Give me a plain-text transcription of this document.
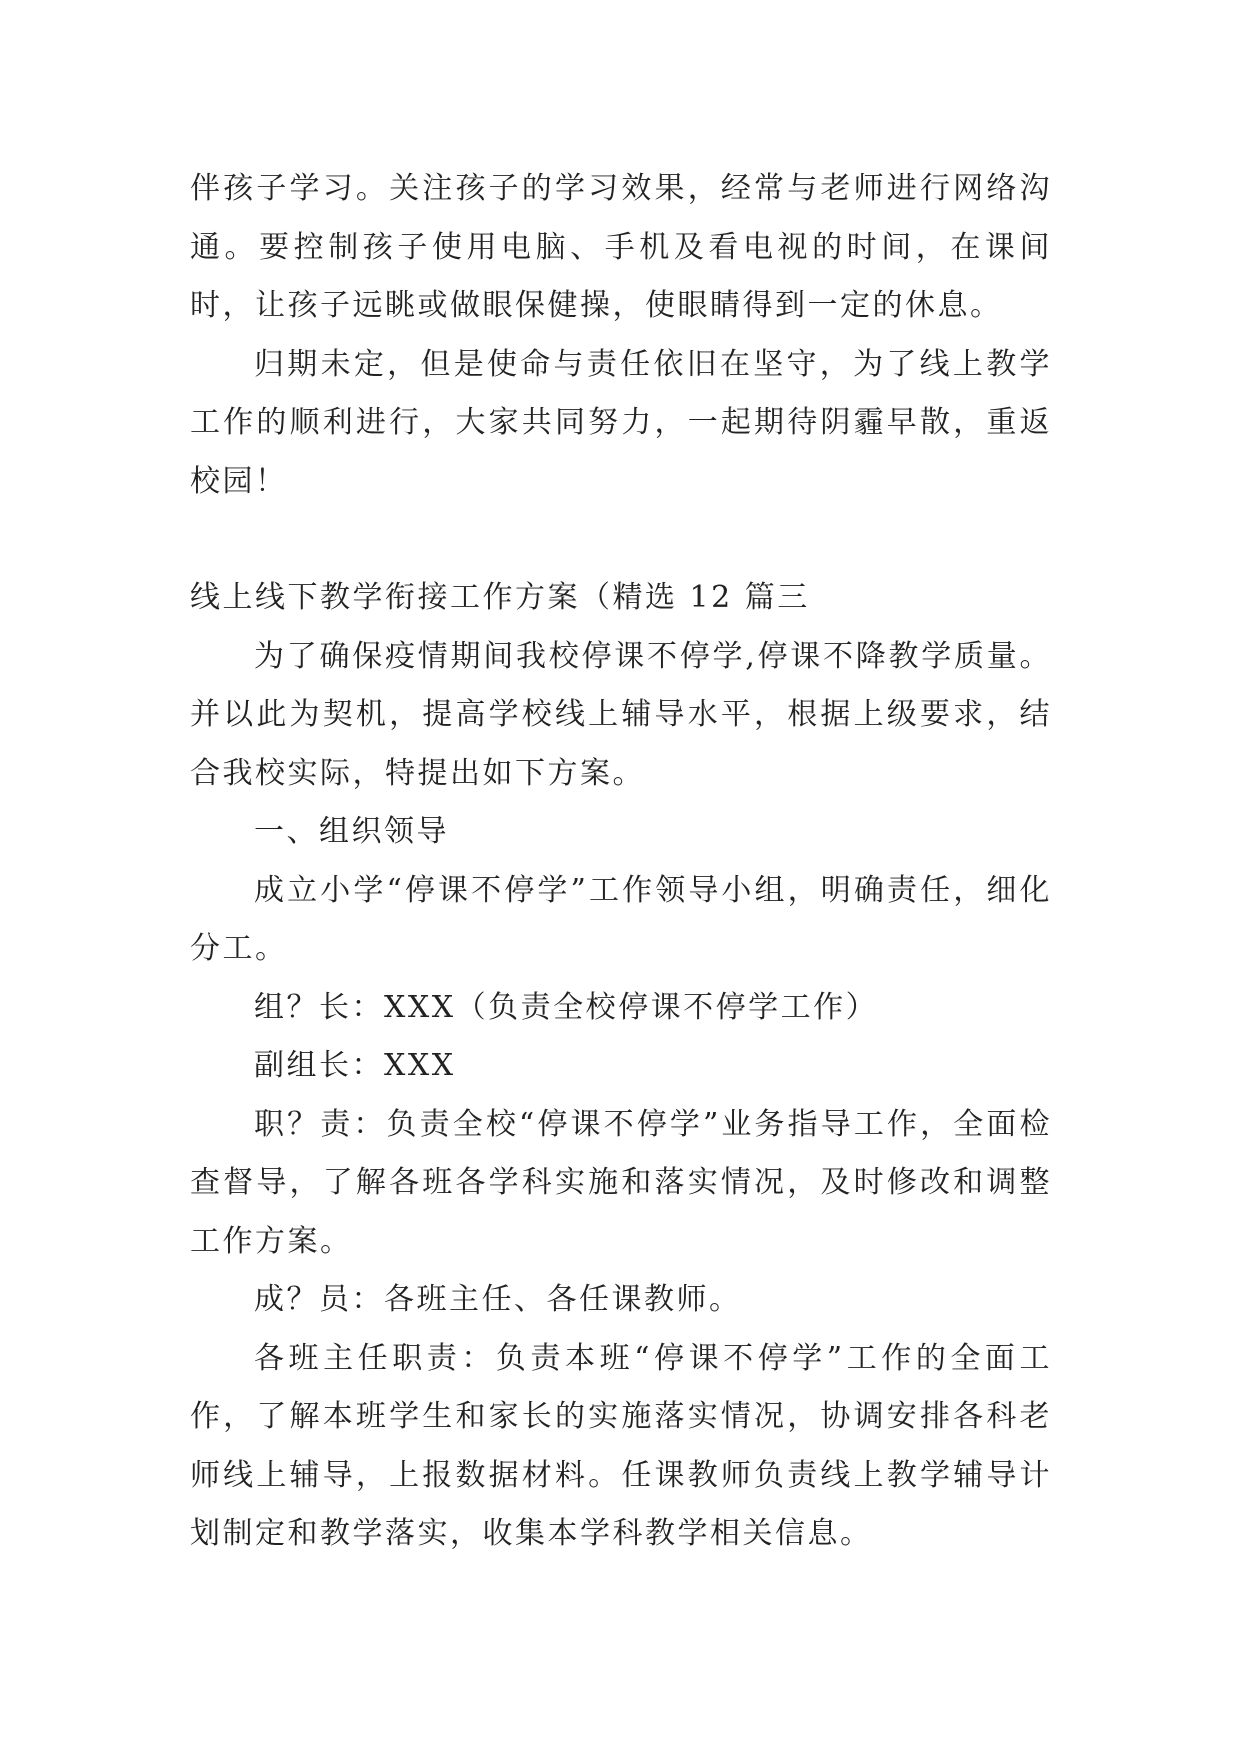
伴孩子学习。关注孩子的学习效果，经常与老师进行网络沟通。要控制孩子使用电脑、手机及看电视的时间，在课间时，让孩子远眺或做眼保健操，使眼睛得到一定的休息。

归期未定，但是使命与责任依旧在坚守，为了线上教学工作的顺利进行，大家共同努力，一起期待阴霾早散，重返校园！

线上线下教学衔接工作方案（精选 12 篇三

为了确保疫情期间我校停课不停学,停课不降教学质量。并以此为契机，提高学校线上辅导水平，根据上级要求，结合我校实际，特提出如下方案。

一、组织领导

成立小学“停课不停学”工作领导小组，明确责任，细化分工。

组？长：XXX（负责全校停课不停学工作）

副组长：XXX

职？责：负责全校“停课不停学”业务指导工作，全面检查督导，了解各班各学科实施和落实情况，及时修改和调整工作方案。

成？员：各班主任、各任课教师。

各班主任职责：负责本班“停课不停学”工作的全面工作，了解本班学生和家长的实施落实情况，协调安排各科老师线上辅导，上报数据材料。任课教师负责线上教学辅导计划制定和教学落实，收集本学科教学相关信息。
